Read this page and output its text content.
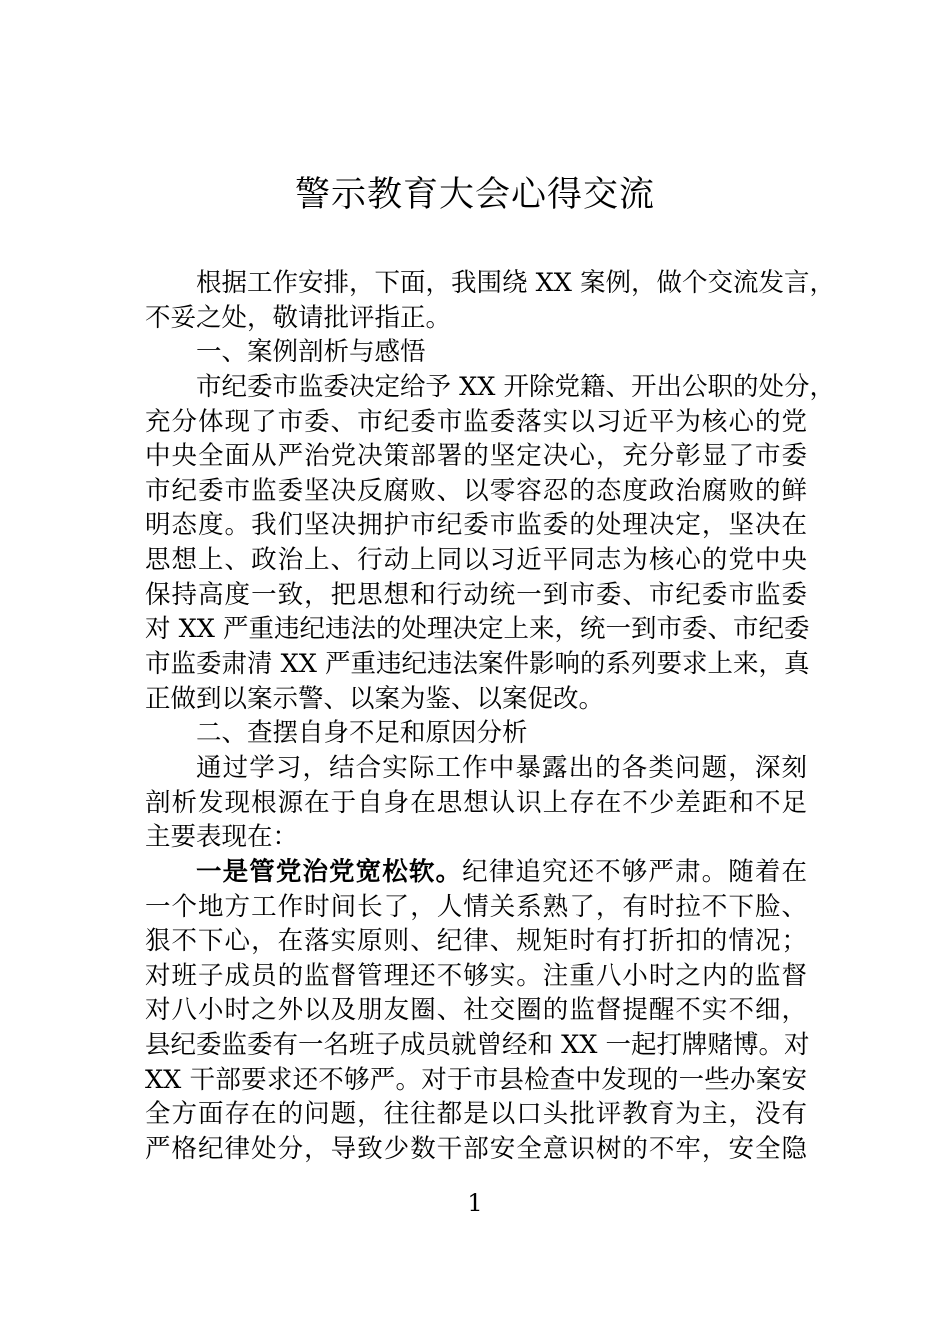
警示教育大会心得交流
根据工作安排，下面，我围绕 XX 案例，做个交流发言，
不妥之处，敬请批评指正。
一、案例剖析与感悟
市纪委市监委决定给予 XX 开除党籍、开出公职的处分，
充分体现了市委、市纪委市监委落实以习近平为核心的党
中央全面从严治党决策部署的坚定决心，充分彰显了市委
市纪委市监委坚决反腐败、以零容忍的态度政治腐败的鲜
明态度。我们坚决拥护市纪委市监委的处理决定，坚决在
思想上、政治上、行动上同以习近平同志为核心的党中央
保持高度一致，把思想和行动统一到市委、市纪委市监委
对 XX 严重违纪违法的处理决定上来，统一到市委、市纪委
市监委肃清 XX 严重违纪违法案件影响的系列要求上来，真
正做到以案示警、以案为鉴、以案促改。
二、查摆自身不足和原因分析
通过学习，结合实际工作中暴露出的各类问题，深刻
剖析发现根源在于自身在思想认识上存在不少差距和不足
主要表现在：
一是管党治党宽松软。纪律追究还不够严肃。随着在
一个地方工作时间长了，人情关系熟了，有时拉不下脸、
狠不下心，在落实原则、纪律、规矩时有打折扣的情况；
对班子成员的监督管理还不够实。注重八小时之内的监督
对八小时之外以及朋友圈、社交圈的监督提醒不实不细，
县纪委监委有一名班子成员就曾经和 XX 一起打牌赌博。对
XX 干部要求还不够严。对于市县检查中发现的一些办案安
全方面存在的问题，往往都是以口头批评教育为主，没有
严格纪律处分，导致少数干部安全意识树的不牢，安全隐
1
